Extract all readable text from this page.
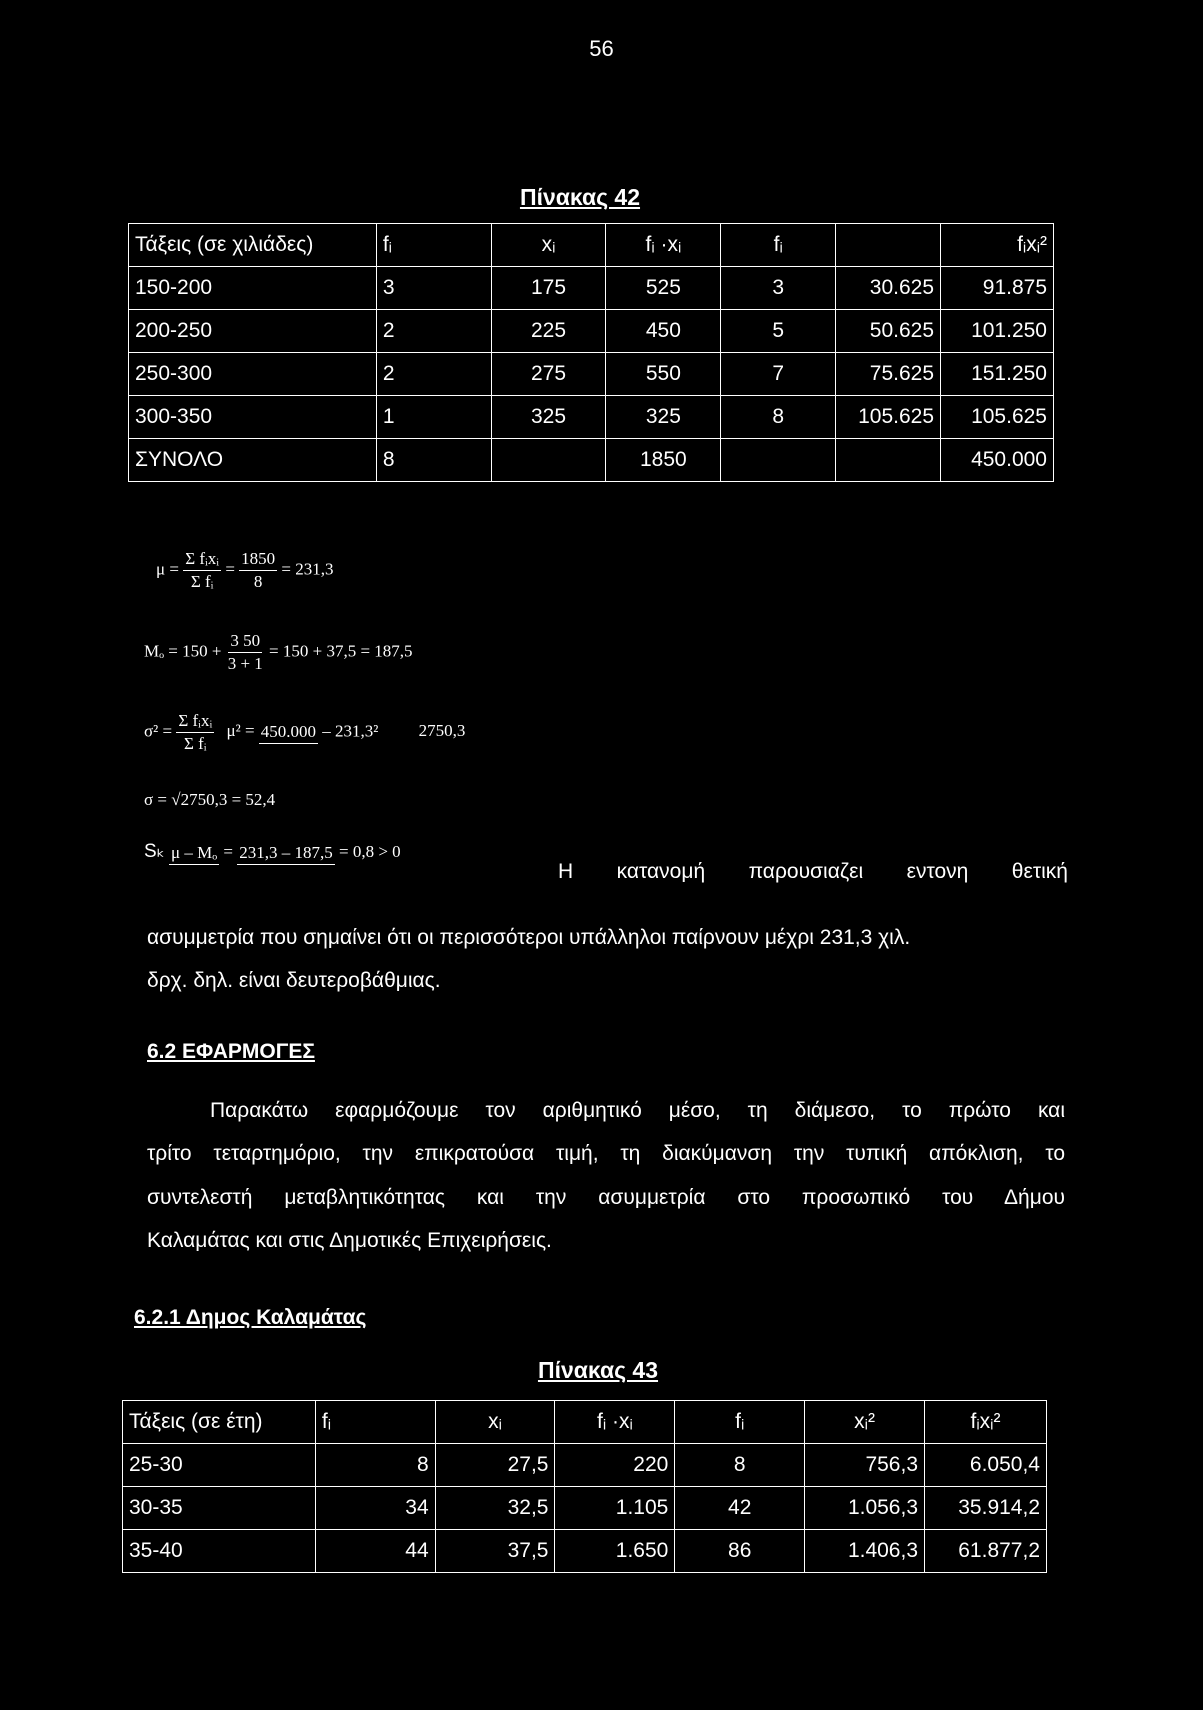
56
Πίνακας 42
Τάξεις (σε χιλιάδες)	fᵢ	xᵢ	fᵢ ·xᵢ	fᵢ		fᵢxᵢ²
150-200	3	175	525	3	30.625	91.875
200-250	2	225	450	5	50.625	101.250
250-300	2	275	550	7	75.625	151.250
300-350	1	325	325	8	105.625	105.625
ΣΥΝΟΛΟ	8		1850			450.000
$\mu = \frac{\text{Σ fᵢxᵢ}}{\text{Σ fᵢ}} = \frac{1850}{8} = 231,3$
$M_o = 150 + \frac{3 50}{3 + 1} = 150 + 37,5 = 187,5$
$\sigma^2 = \frac{\text{Σ fᵢxᵢ}}{\text{Σ fᵢ}} \mu^2 = 450.000 - 231,3^2$ 2750,3
σ = √2750,3 = 52,4
Sₖ μ – Mₒ = 231,3 – 187,5 = 0,8 > 0
Η κατανομή παρουσιαζει εντονη θετική
ασυμμετρία που σημαίνει ότι οι περισσότεροι υπάλληλοι παίρνουν μέχρι 231,3 χιλ.
δρχ. δηλ. είναι δευτεροβάθμιας.
6.2 ΕΦΑΡΜΟΓΕΣ
Παρακάτω εφαρμόζουμε τον αριθμητικό μέσο, τη διάμεσο, το πρώτο και
τρίτο τεταρτημόριο, την επικρατούσα τιμή, τη διακύμανση την τυπική απόκλιση, το
συντελεστή μεταβλητικότητας και την ασυμμετρία στο προσωπικό του Δήμου
Καλαμάτας και στις Δημοτικές Επιχειρήσεις.
6.2.1 Δημος Καλαμάτας
Πίνακας 43
Τάξεις (σε έτη)	fᵢ	xᵢ	fᵢ ·xᵢ	fᵢ	xᵢ²	fᵢxᵢ²
25-30	8	27,5	220	8	756,3	6.050,4
30-35	34	32,5	1.105	42	1.056,3	35.914,2
35-40	44	37,5	1.650	86	1.406,3	61.877,2
